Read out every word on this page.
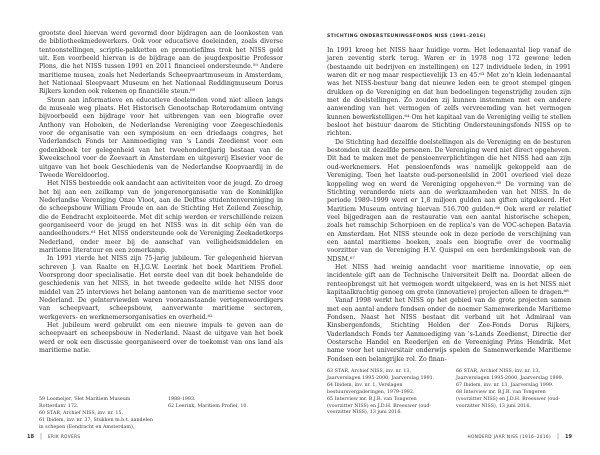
grootste deel hiervan werd gevormd door bijdragen aan de loonkosten van de bibliotheekmedewerkers. Ook voor educatieve doeleinden, zoals diverse tentoonstellingen, scriptie-pakketten en promotiefilms trok het NISS geld uit. Een voorbeeld hiervan is de bijdrage aan de jeugdexpositie Professor Plons, die het NISS tussen 1991 en 2011 financieel ondersteunde.⁵⁹ Andere maritieme musea, zoals het Nederlands Scheepvaartmuseum in Amsterdam, het Nationaal Sleepvaart Museum en het Nationaal Reddingmuseum Dorus Rijkers konden ook rekenen op financiële steun.⁶⁰

Steun aan informatieve en educatieve doeleinden vond niet alleen langs de museale weg plaats. Het Historisch Genootschap Roterodamum ontving bijvoorbeeld een bijdrage voor het uitbrengen van een biografie over Anthony van Hoboken, de Nederlandse Vereniging voor Zeegeschiedenis voor de organisatie van een symposium en een driedaags congres, het Vaderlandsch Fonds ter Aanmoediging van 's Lands Zeedienst voor een gedenkboek ter gelegenheid van het tweehonderdjarig bestaan van de Kweekschool voor de Zeevaart in Amsterdam en uitgeverij Elsevier voor de uitgave van het boek Geschiedenis van de Nederlandse Koopvaardij in de Tweede Wereldoorlog.

Het NISS besteedde ook aandacht aan activiteiten voor de jeugd. Zo droeg het bij aan een zeilkamp van de jongerenorganisatie van de Koninklijke Nederlandse Vereniging Onze Vloot, aan de Delftse studentenvereniging in de scheepsbouw William Froude en aan de Stichting Het Zeilend Zeeschip, die de Eendracht exploiteerde. Met dit schip werden er verschillende reizen georganiseerd voor de jeugd en het NISS was in dit schip één van de aandeelhouders.⁶¹ Het NISS ondersteunde ook de Vereniging Zeekadetkorps Nederland, onder meer bij de aanschaf van veiligheidsmiddelen en maritieme literatuur en een zomerkamp.

In 1991 vierde het NISS zijn 75-jarig jubileum. Ter gelegenheid hiervan schreven J. van Raalte en H.J.G.W. Leerink het boek Maritiem Profiel. Voorsprong door specialisatie. Het eerste deel van dit boek behandelde de geschiedenis van het NISS, in het tweede gedeelte wilde het NISS door middel van 25 interviews het belang aantonen van de maritieme sector voor Nederland. De geïnterviewden waren vooraanstaande vertegenwoordigers van scheepvaart, scheepsbouw, aanverwante maritieme sectoren, werkgevers- en werknemersorganisaties en overheid.⁶²

Het jubileum werd gebruikt om een nieuwe impuls te geven aan de scheepvaart en scheepsbouw in Nederland. Naast de uitgave van het boek werd er ook een discussie georganiseerd over de toekomst van ons land als maritieme natie.

59 Loomeijer, 'Het Maritiem Museum Rotterdam' 172.

60 STAR, Archief NISS, inv. nr. 15.

61 Ibidem, inv. nr. 37, Stukken m.b.t. aandelen in schepen (Eendracht en Amsterdam),

1988-1993.

62 Leerink, Maritiem Profiel, 10.

18 | ERIK ROVERS
STICHTING ONDERSTEUNINGSFONDS NISS (1991–2016)

In 1991 kreeg het NISS haar huidige vorm. Het ledenaantal liep vanaf de jaren zeventig sterk terug. Waren er in 1978 nog 172 gewone leden (bestaande uit bedrijven en instellingen) en 127 individuele leden, in 1991 waren dit er nog maar respectievelijk 13 en 45.⁶³ Met zo'n klein ledenaantal was het NISS-bestuur bang dat nieuwe leden een te groot stempel gingen drukken op de Vereniging en dat hun bedoelingen tegenstrijdig zouden zijn met de doelstellingen. Zo zouden zij kunnen instemmen met een andere aanwending van het vermogen of zelfs vervreemding van het vermogen kunnen bewerkstelligen.⁶⁴ Om het kapitaal van de Vereniging veilig te stellen besloot het bestuur daarom de Stichting Ondersteuningsfonds NISS op te richten.

De Stichting had dezelfde doelstellingen als de Vereniging en de besturen bestonden uit dezelfde personen. De Vereniging werd niet direct opgeheven. Dit had te maken met de pensioenverplichtingen die het NISS had aan zijn oud-werknemers. Het pensioenfonds was namelijk gekoppeld aan de Vereniging. Toen het laatste oud-personeelslid in 2001 overleed viel deze koppeling weg en werd de Vereniging opgeheven.⁶⁵ De vorming van de Stichting veranderde niets aan de werkzaamheden van het NISS. In de periode 1989–1999 werd er 1,8 miljoen gulden aan giften uitgekeerd. Het Maritiem Museum ontving hiervan 516.700 gulden.⁶⁶ Ook werd er relatief veel bijgedragen aan de restauratie van een aantal historische schepen, zoals het ramschip Schorpioen en de replica's van de VOC-schepen Batavia en Amsterdam. Het NISS steunde ook in deze periode de verschijning van een aantal maritieme boeken, zoals een biografie over de voormalig voorzitter van de Vereniging H.V. Quispel en een herdenkingsboek van de NDSM.⁶⁷

Het NISS had weinig aandacht voor maritieme innovatie, op een incidentele gift aan de Technische Universiteit Delft na. Doordat alleen de renteopbrengst uit het vermogen wordt uitgekeerd, was en is het NISS niet kapitaalkrachtig genoeg om grote (innovatieve) projecten alleen te dragen.⁶⁸

Vanaf 1998 werkt het NISS op het gebied van de grote projecten samen met een aantal andere fondsen onder de noemer Samenwerkende Maritieme Fondsen. Naast het NISS bestaat dit verband uit het Admiraal van Kinsbergenfonds, Stichting Helden der Zee-Fonds Dorus Rijkers, Vaderlandsch Fonds ter Aanmoediging van 's-Lands Zeedienst, Directie der Oostersche Handel en Reederijen en de Vereeniging Prins Hendrik. Met name voor het universitair onderwijs spelen de Samenwerkende Maritieme Fondsen een belangrijke rol. Zo finan-

63 STAR, Archief NISS, inv. nr. 13, Jaarverslagen 1995-2000, Jaarverslag 1991.

64 Ibidem, inv. nr. 1, Verslagen bestuursvergaderingen, 1979-1992.

65 Interview mr. B.J.R. van Tongeren (voorzitter NISS) en J.D.H. Breeuwer (oud-voorzitter NISS), 13 juni 2016.

66 STAR, Archief NISS, inv. nr. 13, Jaarverslagen 1995-2000, Jaarverslag 1999.

67 Ibidem, inv. nr. 13, Jaarverslag 1999.

68 Interview mr. B.J.R. van Tongeren (voorzitter NISS) en J.D.H. Breeuwer (oud-voorzitter NISS), 13 juni 2016.

HONDERD JAAR NISS (1916–2016) | 19
